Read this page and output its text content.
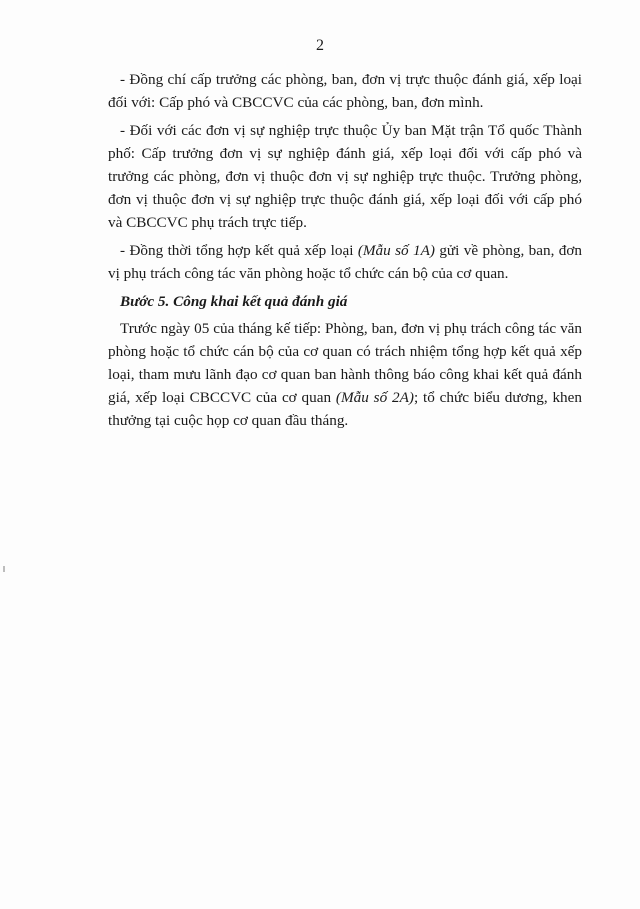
2

- Đồng chí cấp trưởng các phòng, ban, đơn vị trực thuộc đánh giá, xếp loại đối với: Cấp phó và CBCCVC của các phòng, ban, đơn mình.

- Đối với các đơn vị sự nghiệp trực thuộc Ủy ban Mặt trận Tổ quốc Thành phố: Cấp trưởng đơn vị sự nghiệp đánh giá, xếp loại đối với cấp phó và trưởng các phòng, đơn vị thuộc đơn vị sự nghiệp trực thuộc. Trưởng phòng, đơn vị thuộc đơn vị sự nghiệp trực thuộc đánh giá, xếp loại đối với cấp phó và CBCCVC phụ trách trực tiếp.

- Đồng thời tổng hợp kết quả xếp loại (Mẫu số 1A) gửi về phòng, ban, đơn vị phụ trách công tác văn phòng hoặc tổ chức cán bộ của cơ quan.

Bước 5. Công khai kết quả đánh giá

Trước ngày 05 của tháng kế tiếp: Phòng, ban, đơn vị phụ trách công tác văn phòng hoặc tổ chức cán bộ của cơ quan có trách nhiệm tổng hợp kết quả xếp loại, tham mưu lãnh đạo cơ quan ban hành thông báo công khai kết quả đánh giá, xếp loại CBCCVC của cơ quan (Mẫu số 2A); tổ chức biểu dương, khen thưởng tại cuộc họp cơ quan đầu tháng.
